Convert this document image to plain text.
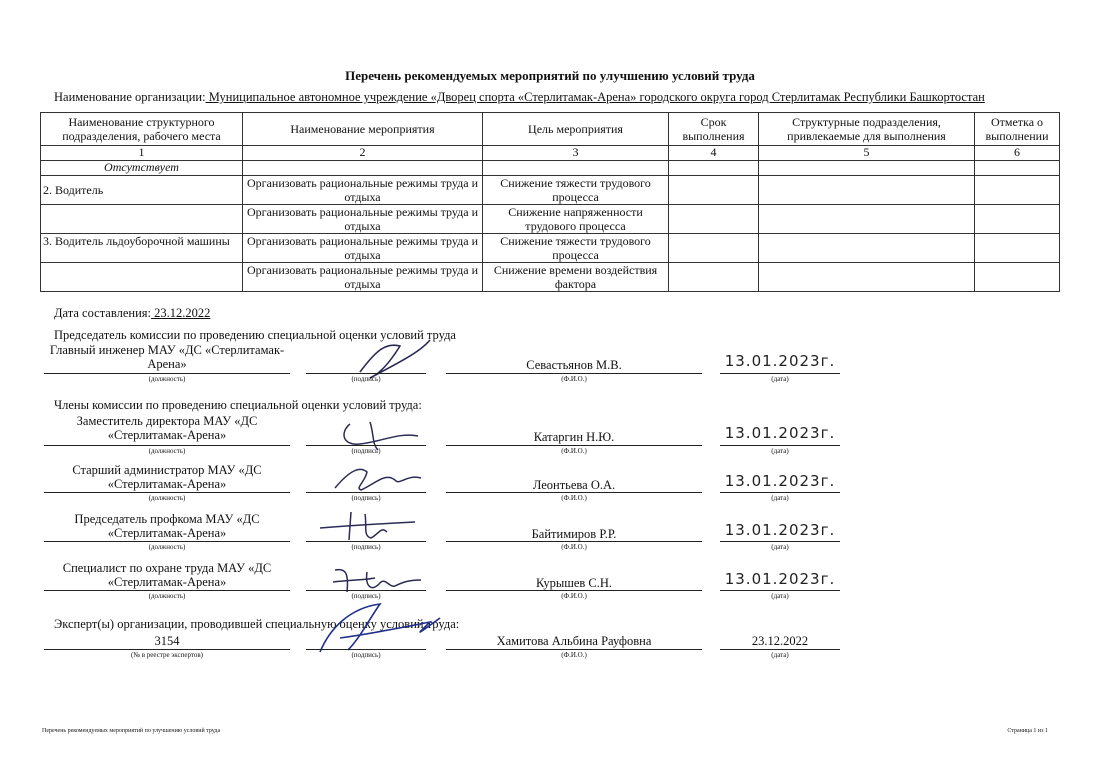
Перечень рекомендуемых мероприятий по улучшению условий труда
Наименование организации: Муниципальное автономное учреждение «Дворец спорта «Стерлитамак-Арена» городского округа город Стерлитамак Республики Башкортостан
Наименование структурного подразделения, рабочего места	Наименование мероприятия	Цель мероприятия	Срок выполнения	Структурные подразделения, привлекаемые для выполнения	Отметка о выполнении
1	2	3	4	5	6
Отсутствует					
2. Водитель	Организовать рациональные режимы труда и отдыха	Снижение тяжести трудового процесса			
	Организовать рациональные режимы труда и отдыха	Снижение напряженности трудового процесса			
3. Водитель льдоуборочной машины	Организовать рациональные режимы труда и отдыха	Снижение тяжести трудового процесса			
	Организовать рациональные режимы труда и отдыха	Снижение времени воздействия фактора			
Дата составления: 23.12.2022
Председатель комиссии по проведению специальной оценки условий труда
Главный инженер МАУ «ДС «Стерлитамак-Арена»
(должность)	(подпись)
Севастьянов М.В.
(Ф.И.О.)
13.01.2023г.
(дата)
Члены комиссии по проведению специальной оценки условий труда:
Заместитель директора МАУ «ДС «Стерлитамак-Арена»
(должность)	(подпись)
Катаргин Н.Ю.
(Ф.И.О.)
13.01.2023г.
(дата)
Старший администратор МАУ «ДС «Стерлитамак-Арена»
(должность)	(подпись)
Леонтьева О.А.
(Ф.И.О.)
13.01.2023г.
(дата)
Председатель профкома МАУ «ДС «Стерлитамак-Арена»
(должность)	(подпись)
Байтимиров Р.Р.
(Ф.И.О.)
13.01.2023г.
(дата)
Специалист по охране труда МАУ «ДС «Стерлитамак-Арена»
(должность)	(подпись)
Курышев С.Н.
(Ф.И.О.)
13.01.2023г.
(дата)
Эксперт(ы) организации, проводившей специальную оценку условий труда:
3154
(№ в реестре экспертов)	(подпись)
Хамитова Альбина Рауфовна
(Ф.И.О.)
23.12.2022
(дата)
Перечень рекомендуемых мероприятий по улучшению условий труда	Страница 1 из 1
